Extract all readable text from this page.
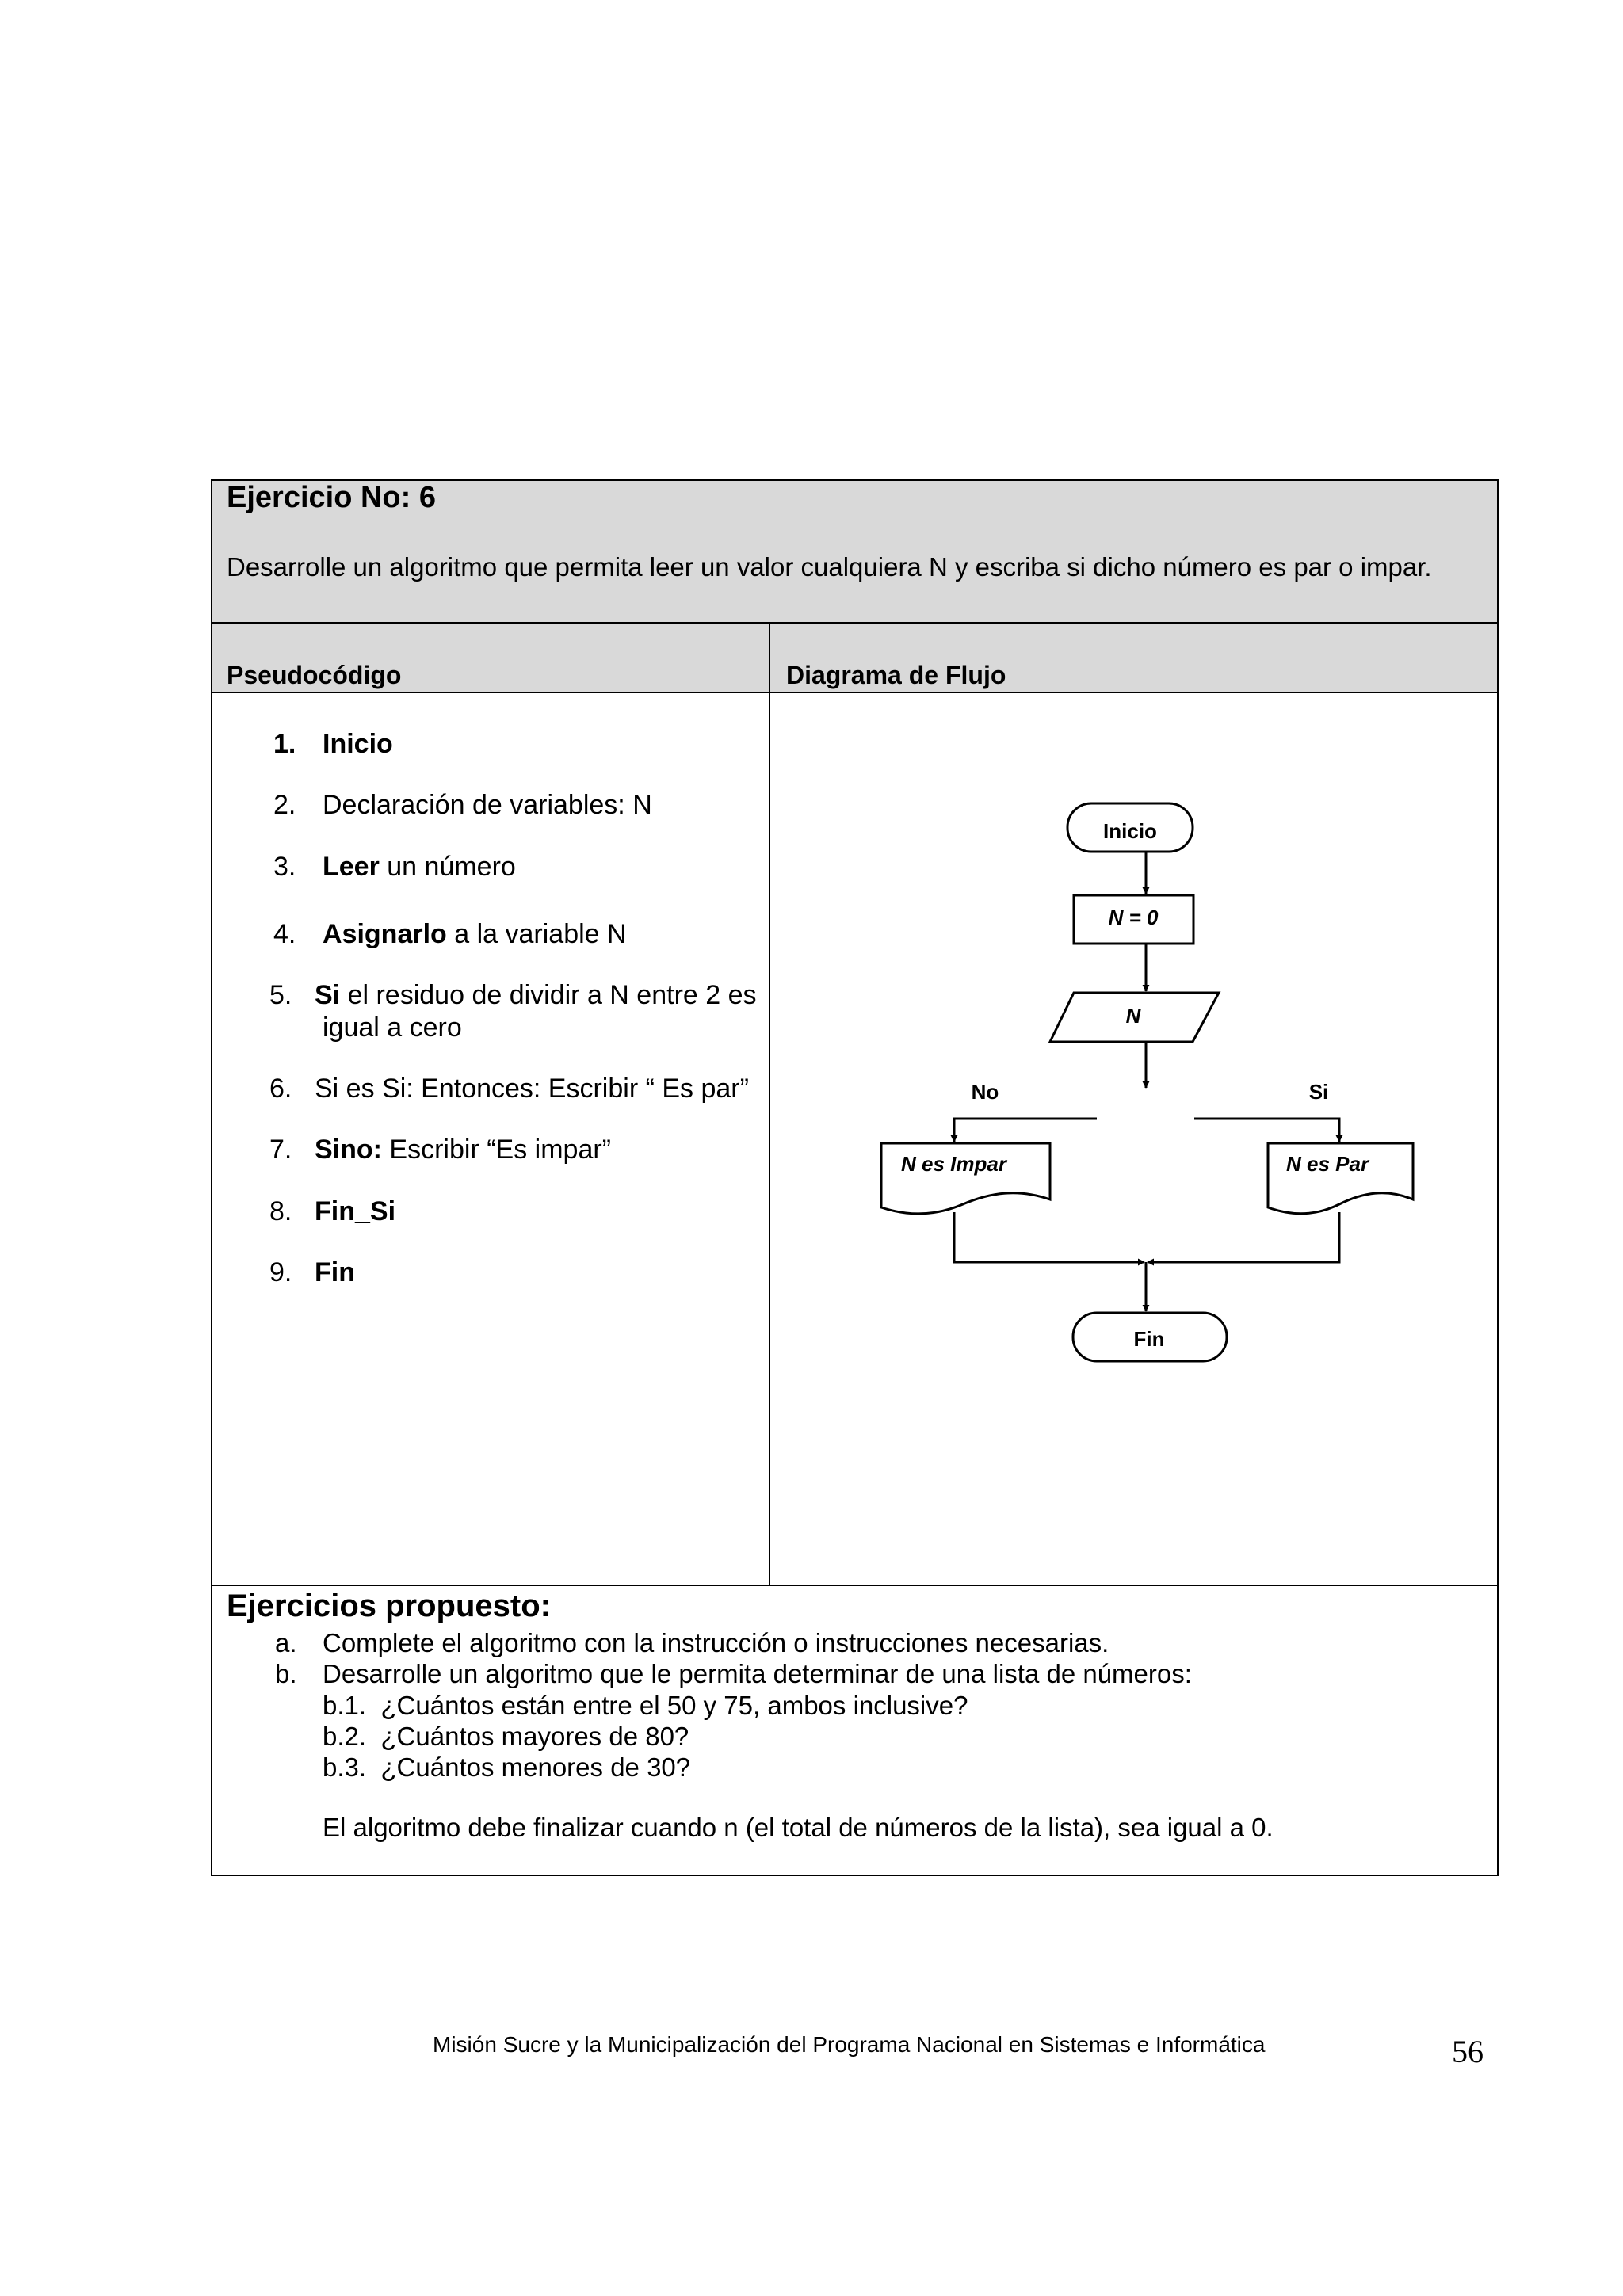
Ejercicio No: 6
Desarrolle un algoritmo que permita leer un valor cualquiera N y escriba si dicho número es par o impar.
Pseudocódigo	Diagrama de Flujo
1. Inicio
2. Declaración de variables: N
3. Leer un número
4. Asignarlo a la variable N
5. Si el residuo de dividir a N entre 2 es
igual a cero
6. Si es Si: Entonces: Escribir “ Es par”
7. Sino: Escribir “Es impar”
8. Fin_Si
9. Fin
Inicio
N = 0
N
No	Si
N es Impar	N es Par
Fin
Ejercicios propuesto:
a. Complete el algoritmo con la instrucción o instrucciones necesarias.
b. Desarrolle un algoritmo que le permita determinar de una lista de números:
b.1. ¿Cuántos están entre el 50 y 75, ambos inclusive?
b.2. ¿Cuántos mayores de 80?
b.3. ¿Cuántos menores de 30?
El algoritmo debe finalizar cuando n (el total de números de la lista), sea igual a 0.
Misión Sucre y la Municipalización del Programa Nacional en Sistemas e Informática	56
